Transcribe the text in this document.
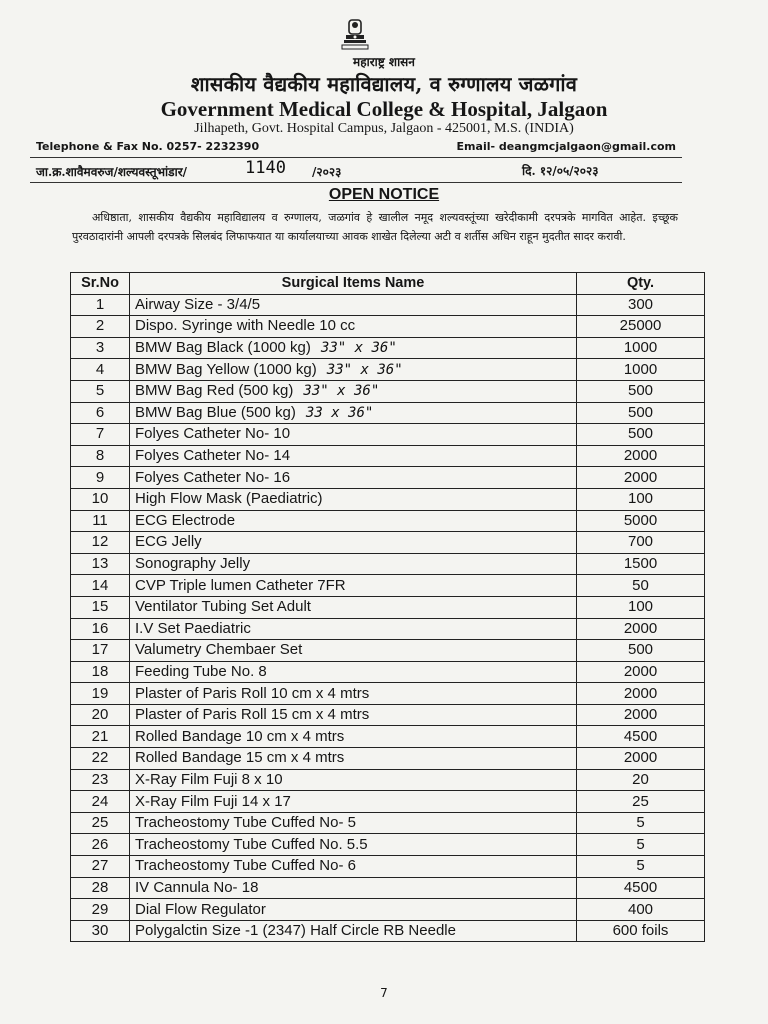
महाराष्ट्र शासन
शासकीय वैद्यकीय महाविद्यालय, व रुग्णालय जळगांव
Government Medical College & Hospital, Jalgaon
Jilhapeth, Govt. Hospital Campus, Jalgaon - 425001, M.S. (INDIA)
Telephone & Fax No. 0257- 2232390	Email- deangmcjalgaon@gmail.com
जा.क्र.शावैमवरुज/शल्यवस्तूभांडार/	1140 /२०२३	दि. १२/०५/२०२३
OPEN NOTICE
अधिष्ठाता, शासकीय वैद्यकीय महाविद्यालय व रुग्णालय, जळगांव हे खालील नमूद शल्यवस्तूंच्या खरेदीकामी दरपत्रके मागवित आहेत. इच्छूक पुरवठादारांनी आपली दरपत्रके सिलबंद लिफाफयात या कार्यालयाच्या आवक शाखेत दिलेल्या अटी व शर्तीस अधिन राहून मुदतीत सादर करावी.
Sr.No	Surgical Items Name	Qty.
1	Airway Size - 3/4/5	300
2	Dispo. Syringe with Needle 10 cc	25000
3	BMW Bag Black (1000 kg) 33" x 36"	1000
4	BMW Bag Yellow (1000 kg) 33" x 36"	1000
5	BMW Bag Red (500 kg) 33" x 36"	500
6	BMW Bag Blue (500 kg) 33 x 36"	500
7	Folyes Catheter No- 10	500
8	Folyes Catheter No- 14	2000
9	Folyes Catheter No- 16	2000
10	High Flow Mask (Paediatric)	100
11	ECG Electrode	5000
12	ECG Jelly	700
13	Sonography Jelly	1500
14	CVP Triple lumen Catheter 7FR	50
15	Ventilator Tubing Set Adult	100
16	I.V Set Paediatric	2000
17	Valumetry Chembaer Set	500
18	Feeding Tube No. 8	2000
19	Plaster of Paris Roll 10 cm x 4 mtrs	2000
20	Plaster of Paris Roll 15 cm x 4 mtrs	2000
21	Rolled Bandage 10 cm x 4 mtrs	4500
22	Rolled Bandage 15 cm x 4 mtrs	2000
23	X-Ray Film Fuji 8 x 10	20
24	X-Ray Film Fuji 14 x 17	25
25	Tracheostomy Tube Cuffed No- 5	5
26	Tracheostomy Tube Cuffed No. 5.5	5
27	Tracheostomy Tube Cuffed No- 6	5
28	IV Cannula No- 18	4500
29	Dial Flow Regulator	400
30	Polygalctin Size -1 (2347) Half Circle RB Needle	600 foils
7
